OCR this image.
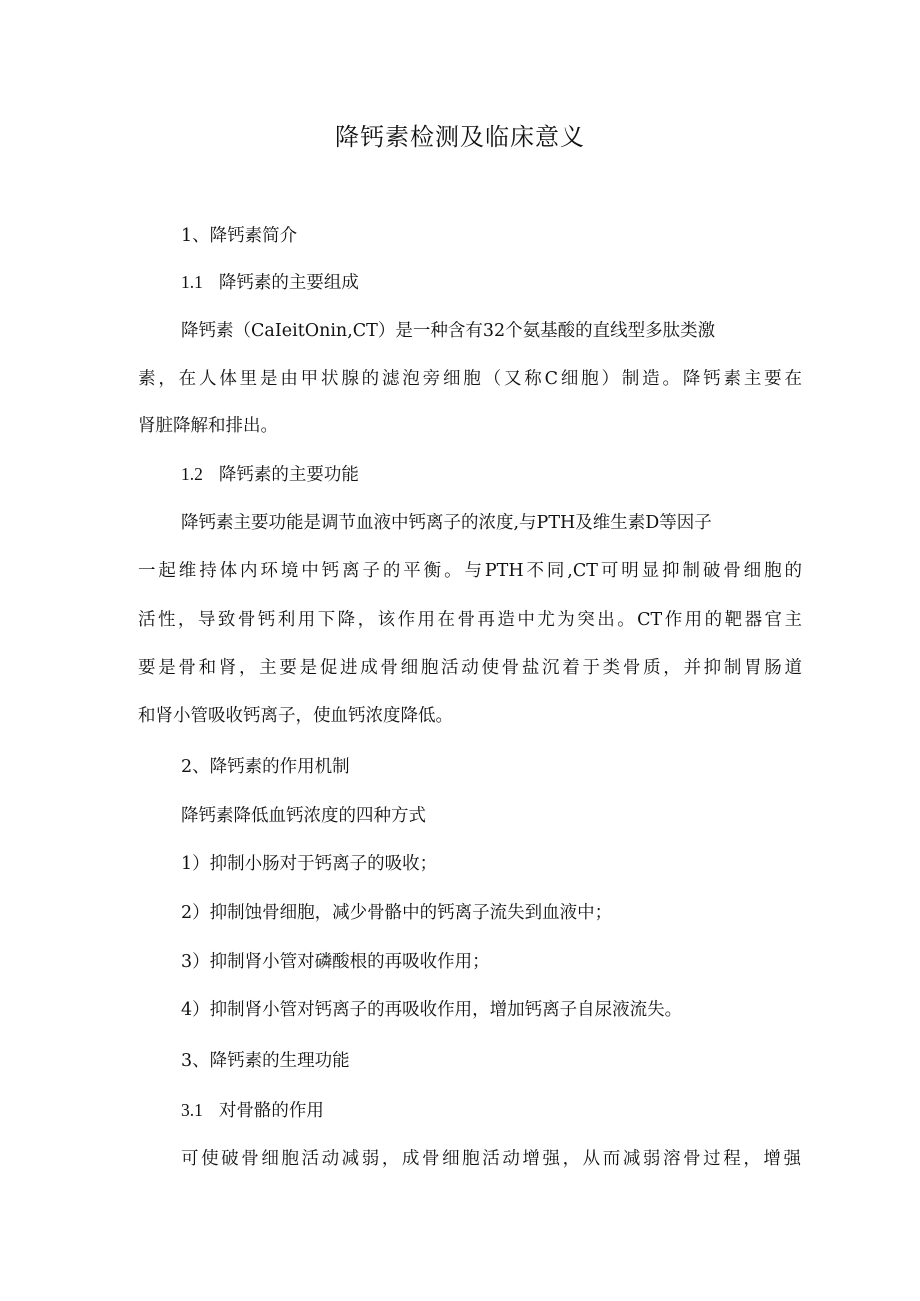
降钙素检测及临床意义

1、降钙素简介

1.1 降钙素的主要组成

降钙素（CaIeitOnin,CT）是一种含有32个氨基酸的直线型多肽类激

素，在人体里是由甲状腺的滤泡旁细胞（又称C细胞）制造。降钙素主要在

肾脏降解和排出。

1.2 降钙素的主要功能

降钙素主要功能是调节血液中钙离子的浓度,与PTH及维生素D等因子

一起维持体内环境中钙离子的平衡。与PTH不同,CT可明显抑制破骨细胞的

活性，导致骨钙利用下降，该作用在骨再造中尤为突出。CT作用的靶器官主

要是骨和肾，主要是促进成骨细胞活动使骨盐沉着于类骨质，并抑制胃肠道

和肾小管吸收钙离子，使血钙浓度降低。

2、降钙素的作用机制

降钙素降低血钙浓度的四种方式

1）抑制小肠对于钙离子的吸收；

2）抑制蚀骨细胞，减少骨骼中的钙离子流失到血液中；

3）抑制肾小管对磷酸根的再吸收作用；

4）抑制肾小管对钙离子的再吸收作用，增加钙离子自尿液流失。

3、降钙素的生理功能

3.1 对骨骼的作用

可使破骨细胞活动减弱，成骨细胞活动增强，从而减弱溶骨过程，增强
